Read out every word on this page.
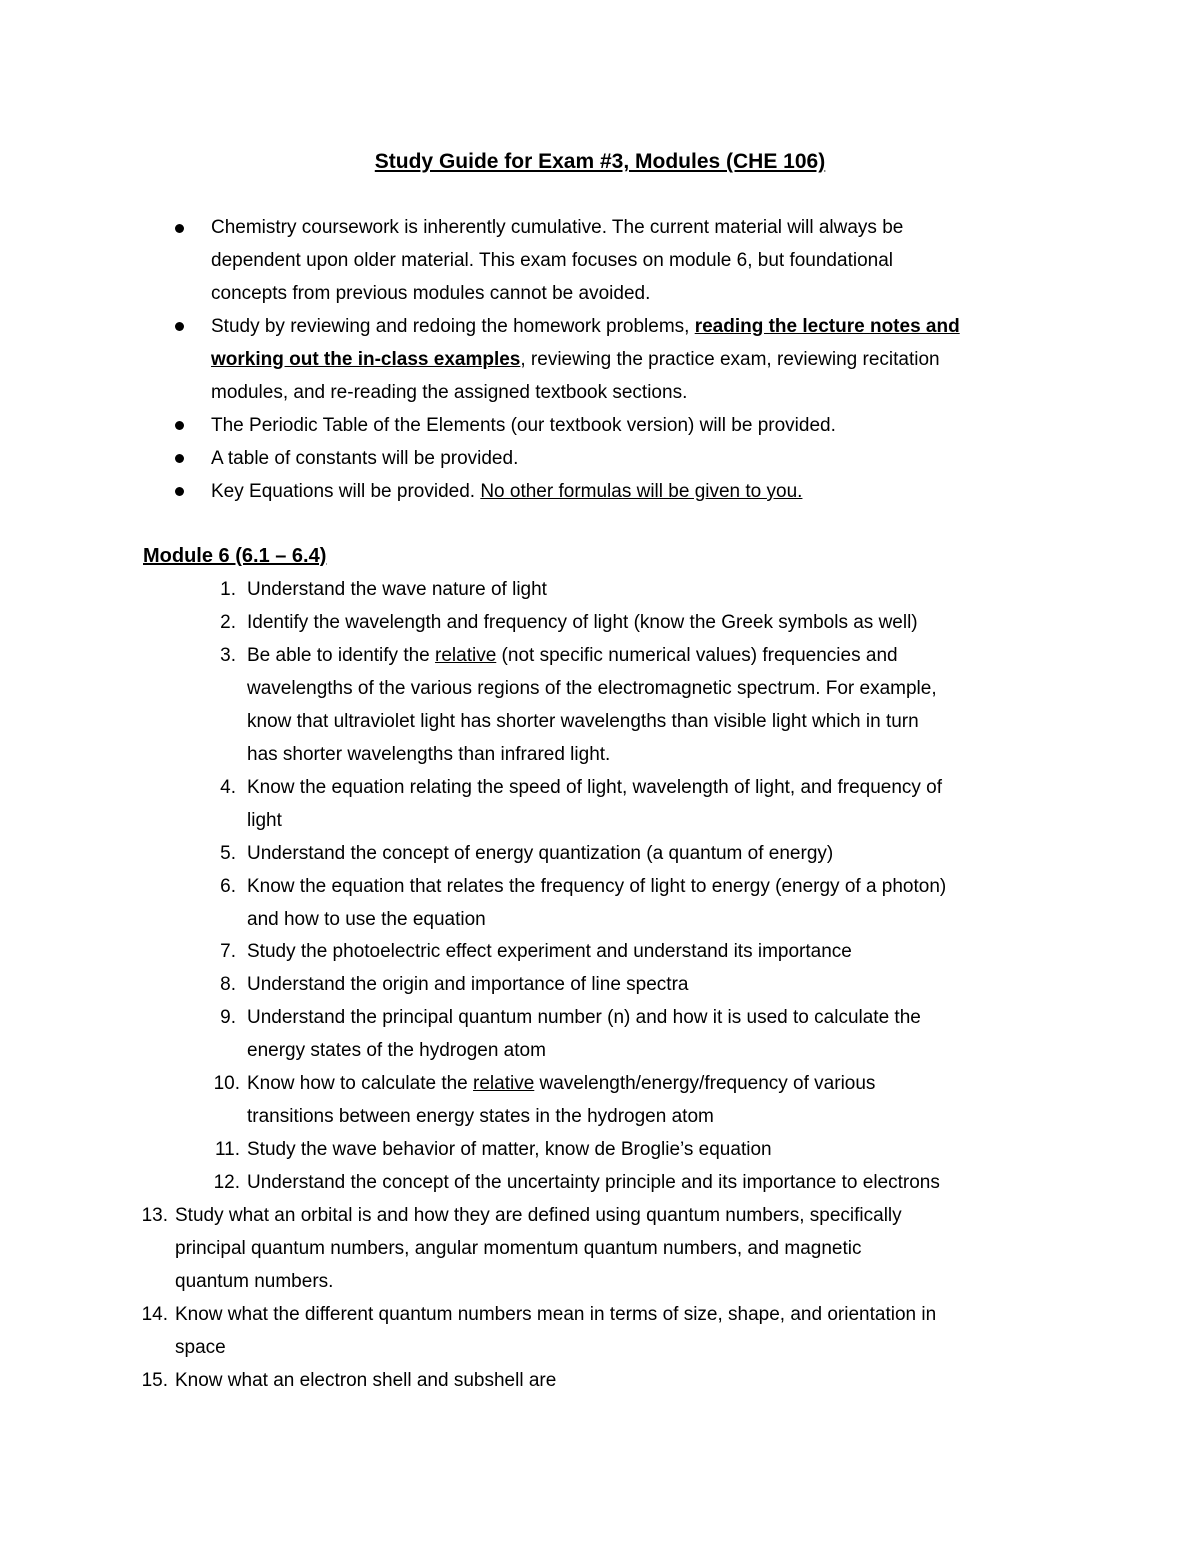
Study Guide for Exam #3, Modules (CHE 106)
Chemistry coursework is inherently cumulative. The current material will always be
dependent upon older material. This exam focuses on module 6, but foundational
concepts from previous modules cannot be avoided.
Study by reviewing and redoing the homework problems, reading the lecture notes and
working out the in-class examples, reviewing the practice exam, reviewing recitation
modules, and re-reading the assigned textbook sections.
The Periodic Table of the Elements (our textbook version) will be provided.
A table of constants will be provided.
Key Equations will be provided. No other formulas will be given to you.
Module 6 (6.1 – 6.4)
1. Understand the wave nature of light
2. Identify the wavelength and frequency of light (know the Greek symbols as well)
3. Be able to identify the relative (not specific numerical values) frequencies and
wavelengths of the various regions of the electromagnetic spectrum. For example,
know that ultraviolet light has shorter wavelengths than visible light which in turn
has shorter wavelengths than infrared light.
4. Know the equation relating the speed of light, wavelength of light, and frequency of
light
5. Understand the concept of energy quantization (a quantum of energy)
6. Know the equation that relates the frequency of light to energy (energy of a photon)
and how to use the equation
7. Study the photoelectric effect experiment and understand its importance
8. Understand the origin and importance of line spectra
9. Understand the principal quantum number (n) and how it is used to calculate the
energy states of the hydrogen atom
10. Know how to calculate the relative wavelength/energy/frequency of various
transitions between energy states in the hydrogen atom
11. Study the wave behavior of matter, know de Broglie’s equation
12. Understand the concept of the uncertainty principle and its importance to electrons
13. Study what an orbital is and how they are defined using quantum numbers, specifically
principal quantum numbers, angular momentum quantum numbers, and magnetic
quantum numbers.
14. Know what the different quantum numbers mean in terms of size, shape, and orientation in
space
15. Know what an electron shell and subshell are
